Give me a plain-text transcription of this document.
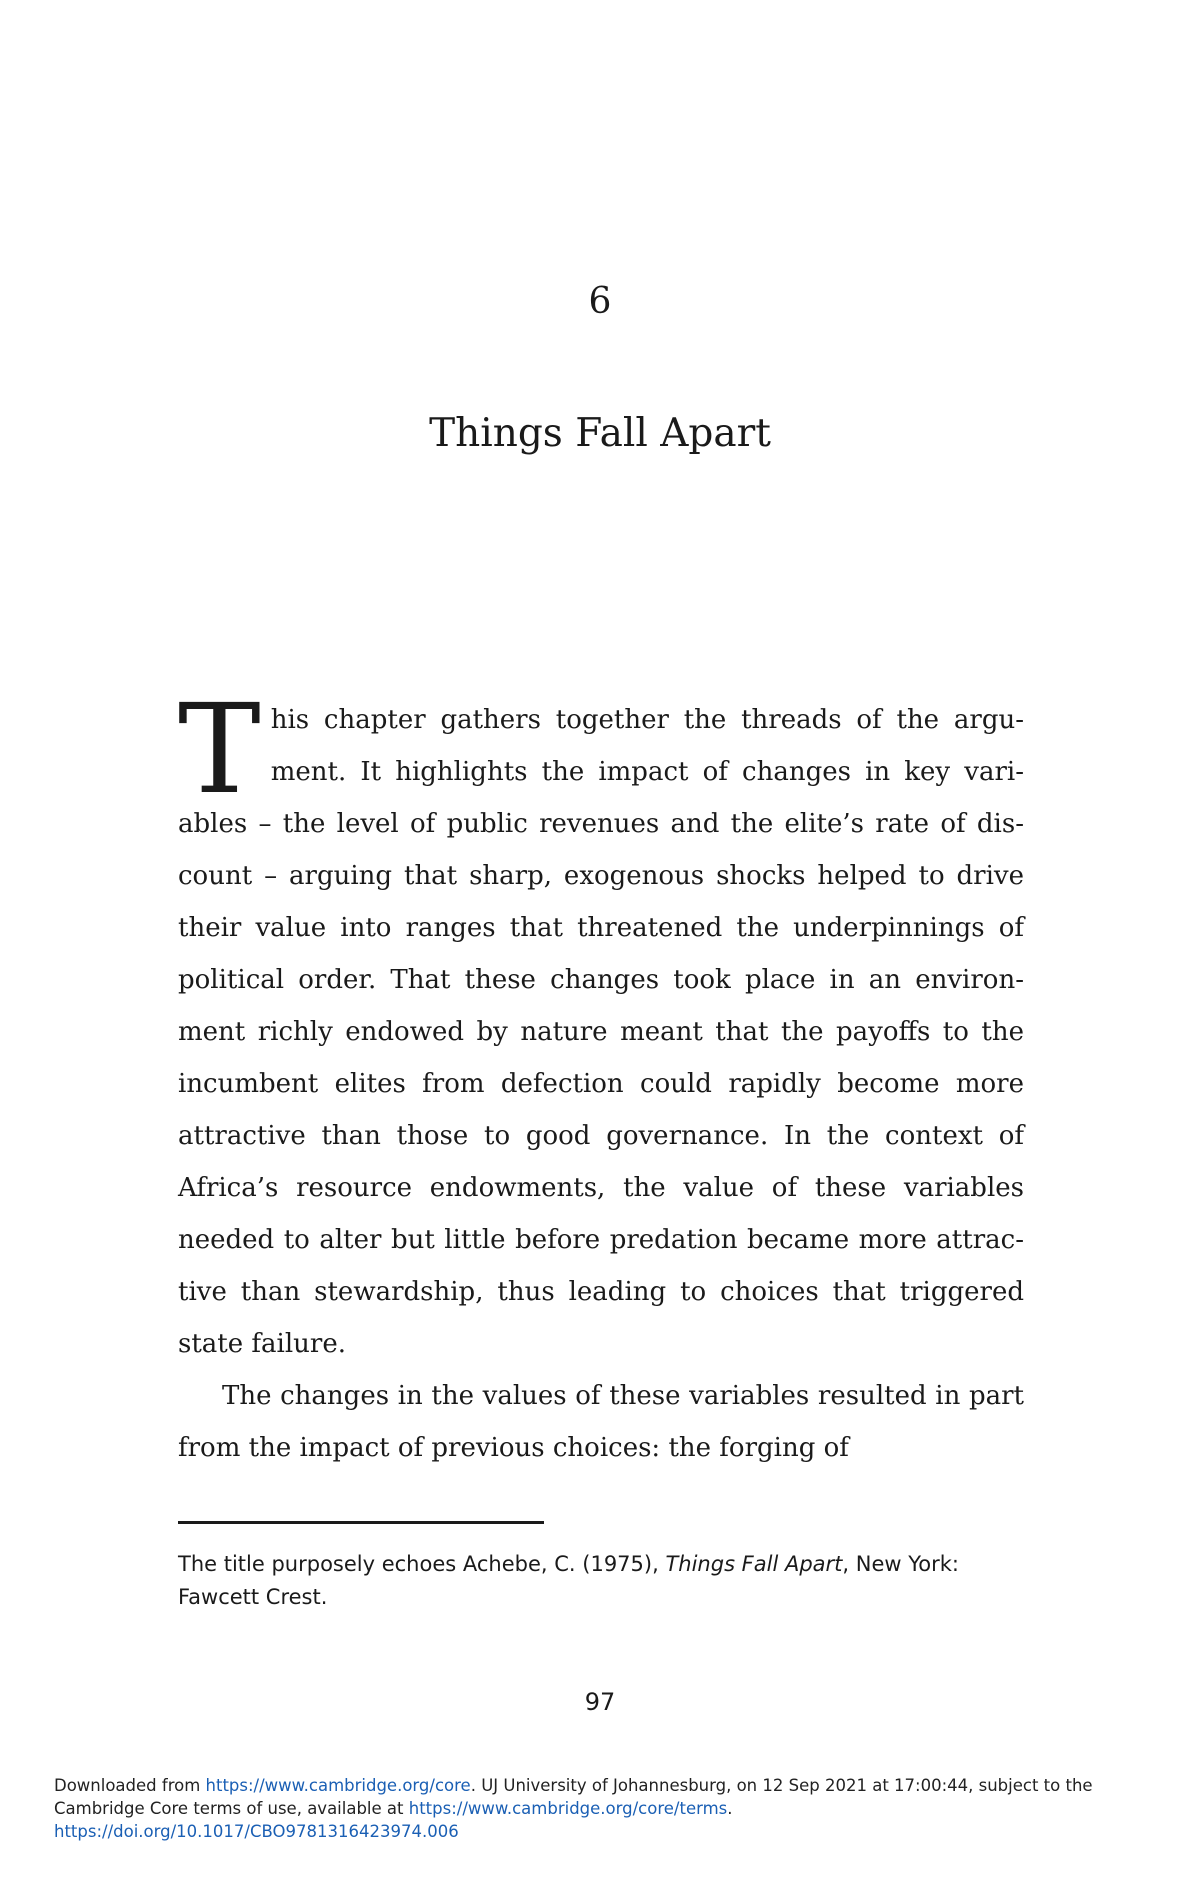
6
Things Fall Apart

This chapter gathers together the threads of the argument. It highlights the impact of changes in key variables – the level of public revenues and the elite’s rate of discount – arguing that sharp, exogenous shocks helped to drive their value into ranges that threatened the underpinnings of political order. That these changes took place in an environment richly endowed by nature meant that the payoffs to the incumbent elites from defection could rapidly become more attractive than those to good governance. In the context of Africa’s resource endowments, the value of these variables needed to alter but little before predation became more attractive than stewardship, thus leading to choices that triggered state failure.

The changes in the values of these variables resulted in part from the impact of previous choices: the forging of

The title purposely echoes Achebe, C. (1975), Things Fall Apart, New York: Fawcett Crest.
97
Downloaded from https://www.cambridge.org/core. UJ University of Johannesburg, on 12 Sep 2021 at 17:00:44, subject to the Cambridge Core terms of use, available at https://www.cambridge.org/core/terms.
https://doi.org/10.1017/CBO9781316423974.006
